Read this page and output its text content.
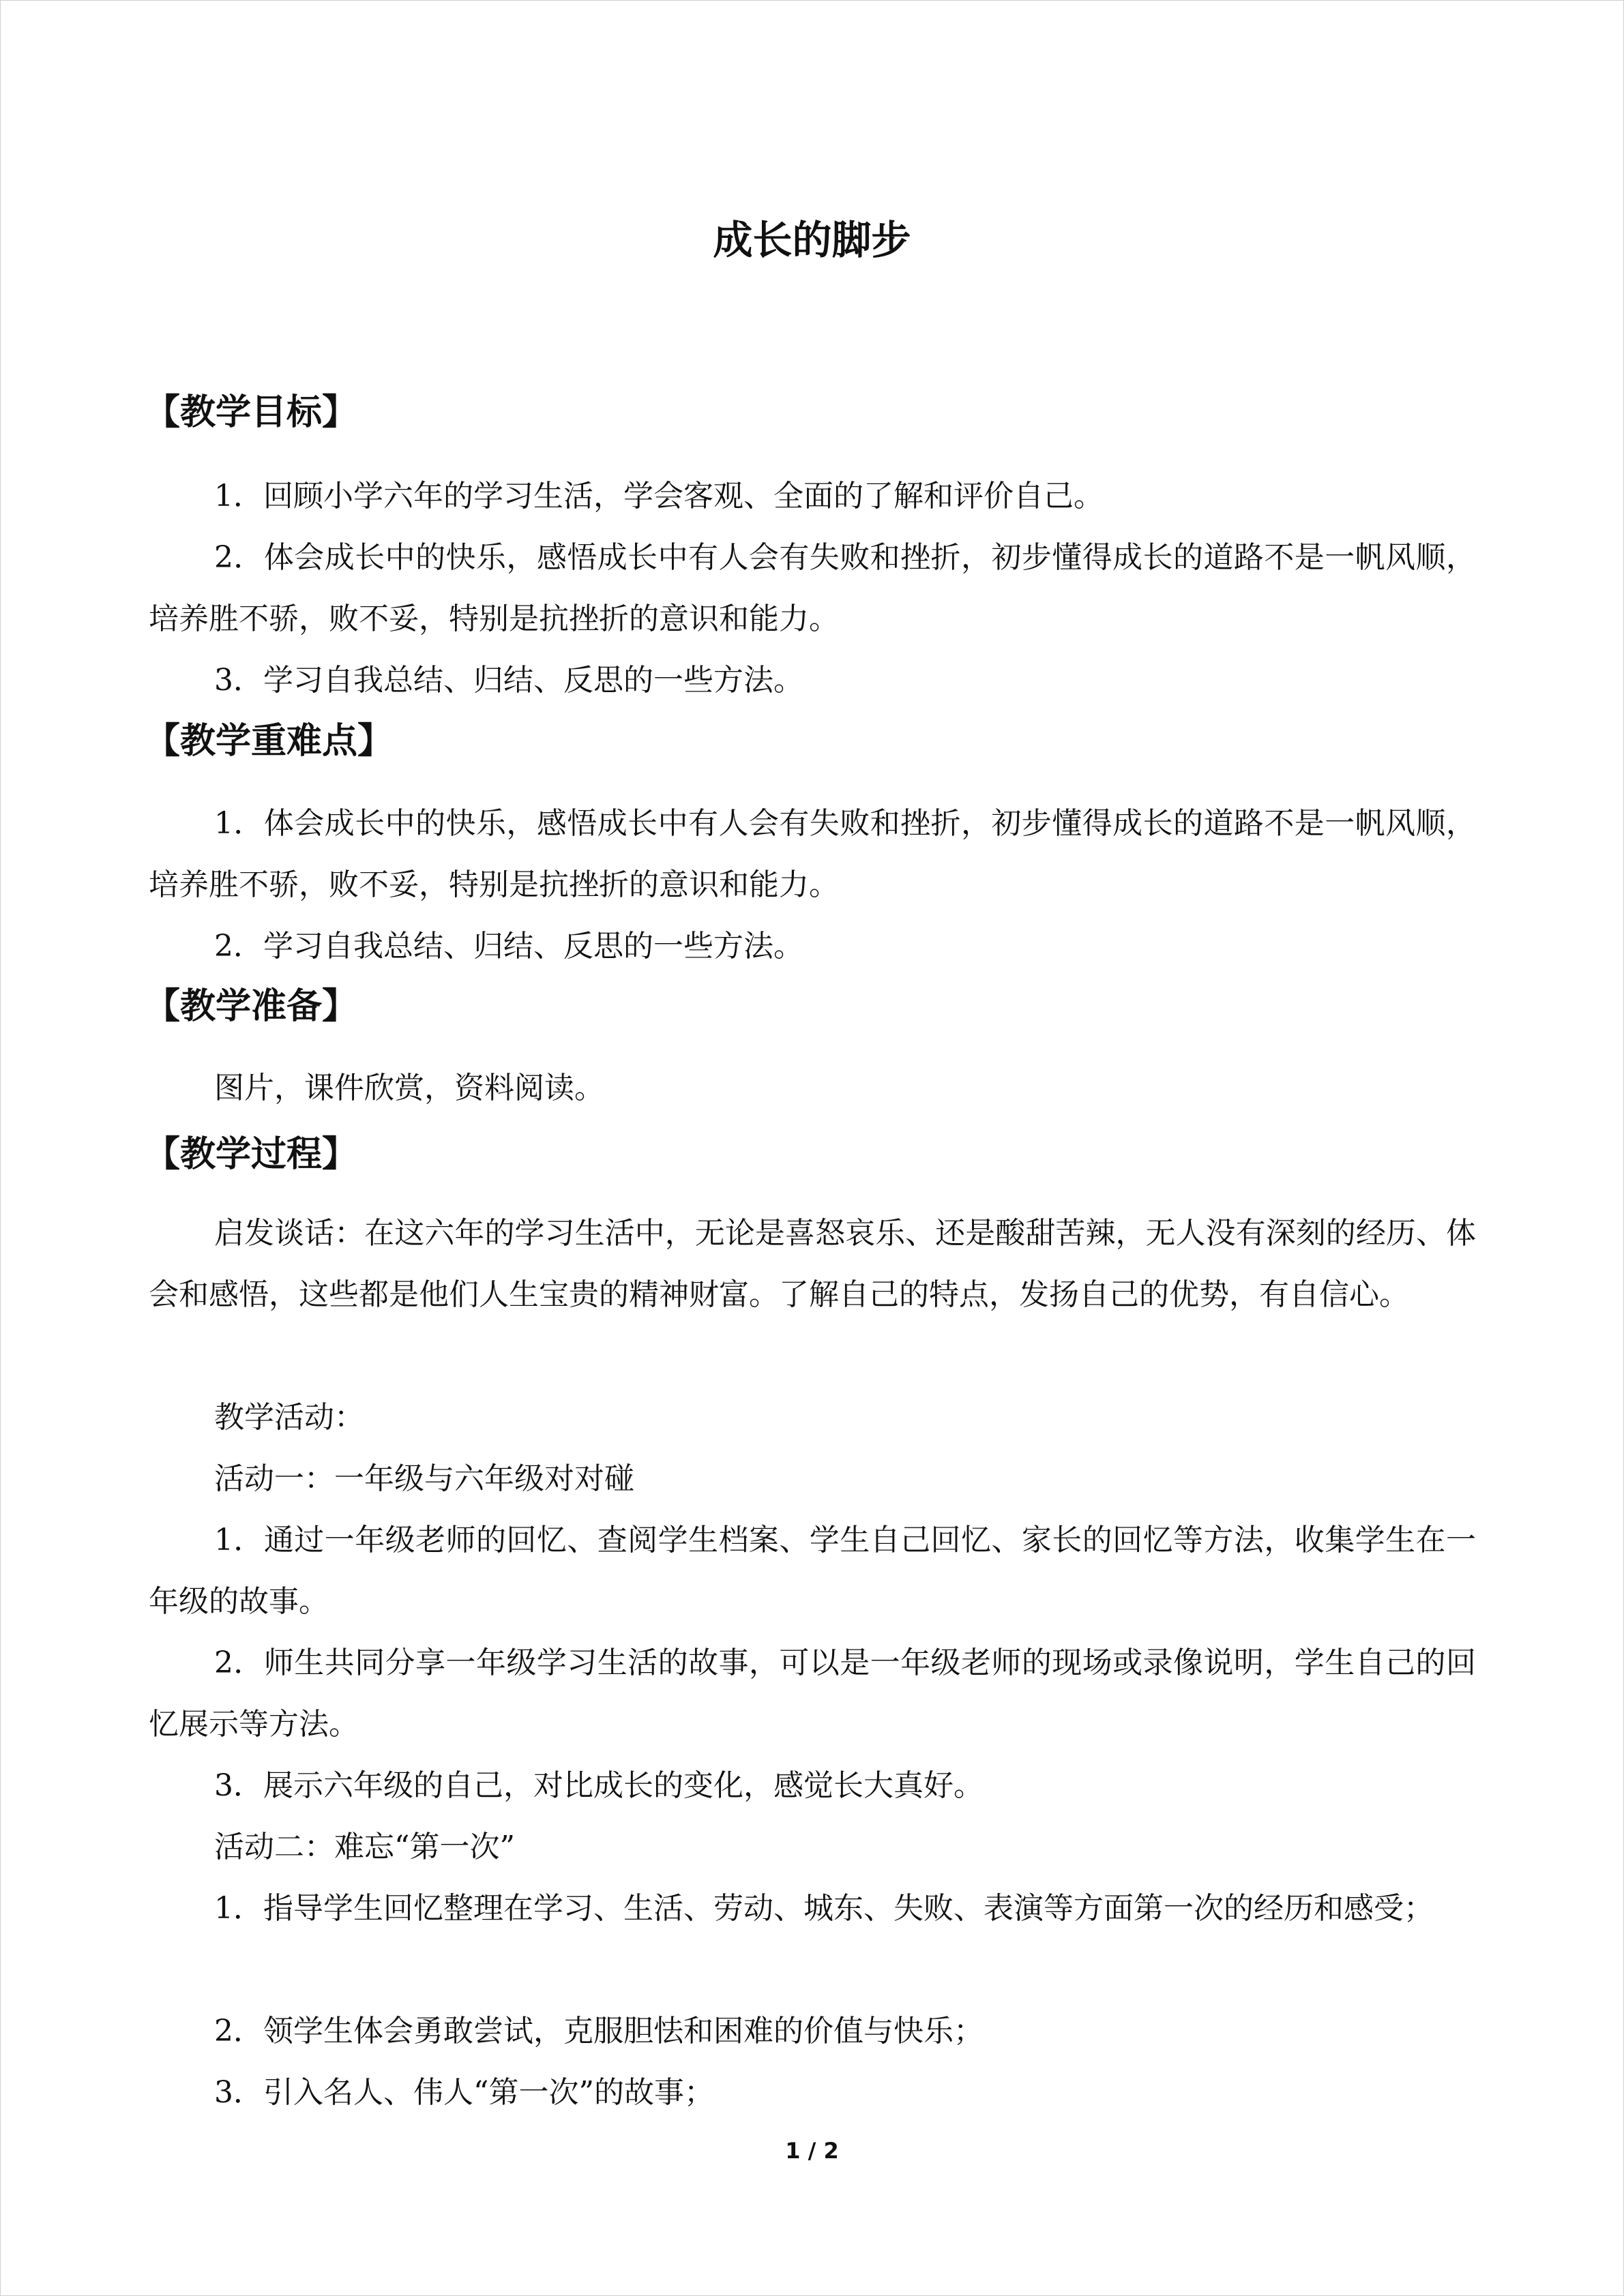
成长的脚步
【教学目标】

1．回顾小学六年的学习生活，学会客观、全面的了解和评价自己。

2．体会成长中的快乐，感悟成长中有人会有失败和挫折，初步懂得成长的道路不是一帆风顺，培养胜不骄，败不妥，特别是抗挫折的意识和能力。

3．学习自我总结、归结、反思的一些方法。

【教学重难点】

1．体会成长中的快乐，感悟成长中有人会有失败和挫折，初步懂得成长的道路不是一帆风顺，培养胜不骄，败不妥，特别是抗挫折的意识和能力。

2．学习自我总结、归结、反思的一些方法。

【教学准备】

图片，课件欣赏，资料阅读。

【教学过程】

启发谈话：在这六年的学习生活中，无论是喜怒哀乐、还是酸甜苦辣，无人没有深刻的经历、体会和感悟，这些都是他们人生宝贵的精神财富。了解自己的特点，发扬自己的优势，有自信心。

教学活动：

活动一：一年级与六年级对对碰

1．通过一年级老师的回忆、查阅学生档案、学生自己回忆、家长的回忆等方法，收集学生在一年级的故事。

2．师生共同分享一年级学习生活的故事，可以是一年级老师的现场或录像说明，学生自己的回忆展示等方法。

3．展示六年级的自己，对比成长的变化，感觉长大真好。

活动二：难忘“第一次”

1．指导学生回忆整理在学习、生活、劳动、城东、失败、表演等方面第一次的经历和感受；

2．领学生体会勇敢尝试，克服胆怯和困难的价值与快乐；

3．引入名人、伟人“第一次”的故事；

1 / 2
